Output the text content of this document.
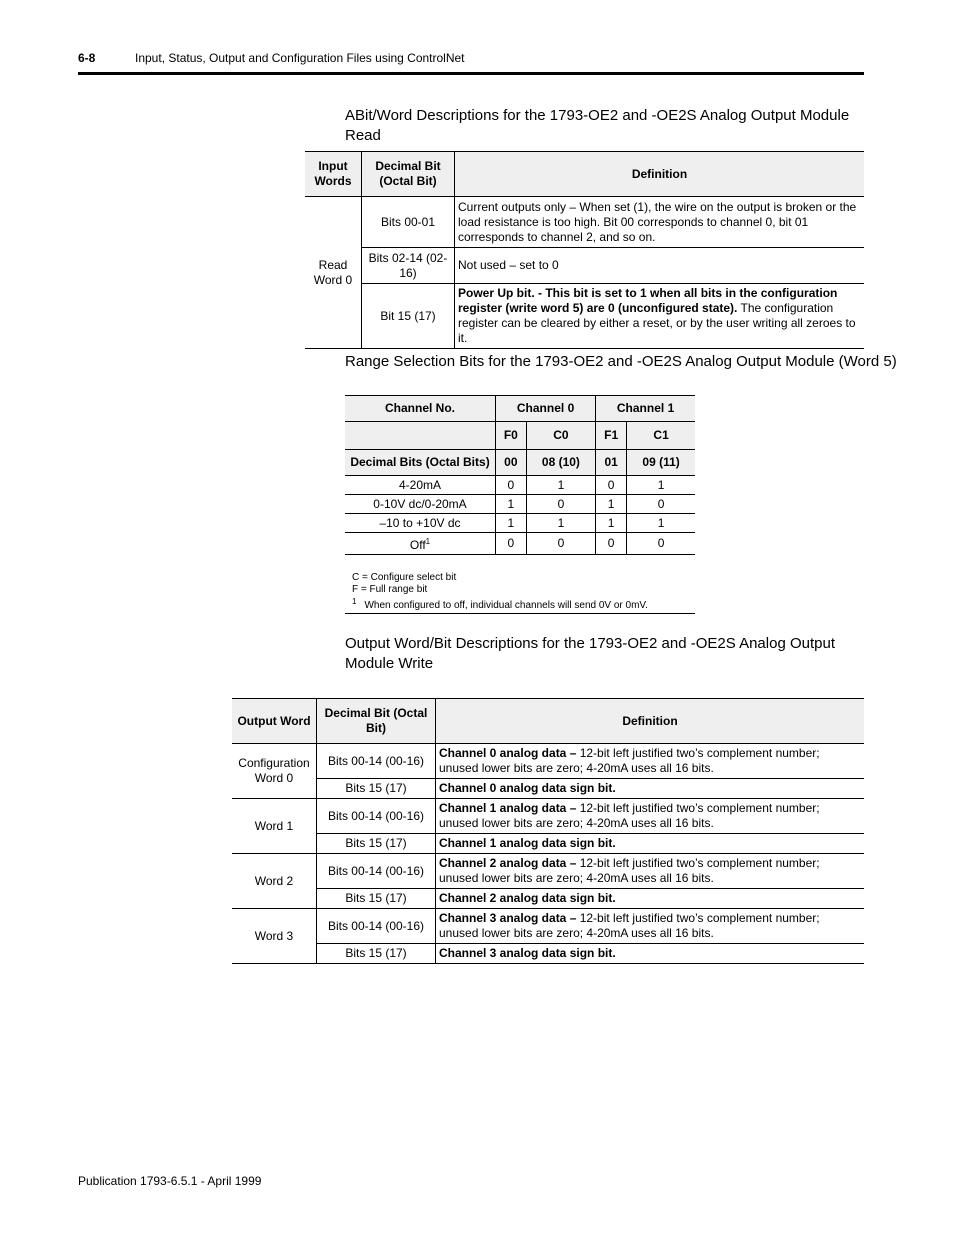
6-8	Input, Status, Output and Configuration Files using ControlNet
ABit/Word Descriptions for the 1793-OE2 and -OE2S Analog Output Module Read
Input Words	Decimal Bit (Octal Bit)	Definition
Read Word 0	Bits 00-01	Current outputs only – When set (1), the wire on the output is broken or the load resistance is too high. Bit 00 corresponds to channel 0, bit 01 corresponds to channel 2, and so on.
	Bits 02-14 (02-16)	Not used – set to 0
	Bit 15 (17)	Power Up bit. - This bit is set to 1 when all bits in the configuration register (write word 5) are 0 (unconfigured state). The configuration register can be cleared by either a reset, or by the user writing all zeroes to it.
Range Selection Bits for the 1793-OE2 and -OE2S Analog Output Module (Word 5)
Channel No.	Channel 0		Channel 1	
	F0	C0	F1	C1
Decimal Bits (Octal Bits)	00	08 (10)	01	09 (11)
4-20mA	0	1	0	1
0-10V dc/0-20mA	1	0	1	0
–10 to +10V dc	1	1	1	1
Off$^1$	0	0	0	0
C = Configure select bit
F = Full range bit
$^1$ When configured to off, individual channels will send 0V or 0mV.
Output Word/Bit Descriptions for the 1793-OE2 and -OE2S Analog Output Module Write
Output Word	Decimal Bit (Octal Bit)	Definition
Configuration Word 0	Bits 00-14 (00-16)	Channel 0 analog data – 12-bit left justified two’s complement number; unused lower bits are zero; 4-20mA uses all 16 bits.
	Bits 15 (17)	Channel 0 analog data sign bit.
Word 1	Bits 00-14 (00-16)	Channel 1 analog data – 12-bit left justified two’s complement number; unused lower bits are zero; 4-20mA uses all 16 bits.
	Bits 15 (17)	Channel 1 analog data sign bit.
Word 2	Bits 00-14 (00-16)	Channel 2 analog data – 12-bit left justified two’s complement number; unused lower bits are zero; 4-20mA uses all 16 bits.
	Bits 15 (17)	Channel 2 analog data sign bit.
Word 3	Bits 00-14 (00-16)	Channel 3 analog data – 12-bit left justified two’s complement number; unused lower bits are zero; 4-20mA uses all 16 bits.
	Bits 15 (17)	Channel 3 analog data sign bit.
Publication 1793-6.5.1 - April 1999
